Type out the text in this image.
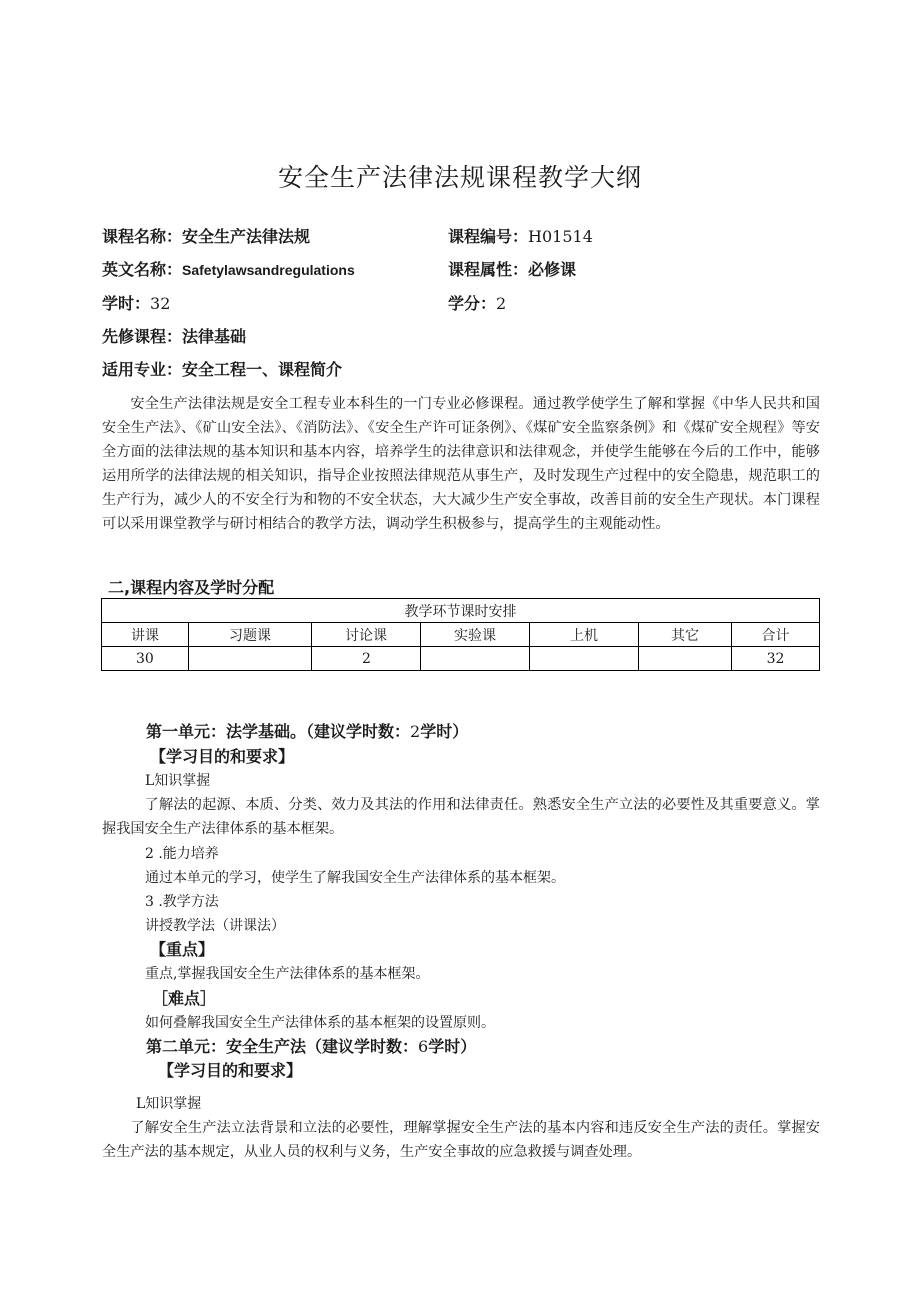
安全生产法律法规课程教学大纲
课程名称：安全生产法律法规	课程编号：H01514
英文名称：Safetylawsandregulations	课程属性：必修课
学时：32	学分：2
先修课程：法律基础
适用专业：安全工程一、课程简介
安全生产法律法规是安全工程专业本科生的一门专业必修课程。通过教学使学生了解和掌握《中华人民共和国安全生产法》、《矿山安全法》、《消防法》、《安全生产许可证条例》、《煤矿安全监察条例》和《煤矿安全规程》等安全方面的法律法规的基本知识和基本内容，培养学生的法律意识和法律观念，并使学生能够在今后的工作中，能够运用所学的法律法规的相关知识，指导企业按照法律规范从事生产，及时发现生产过程中的安全隐患，规范职工的生产行为，减少人的不安全行为和物的不安全状态，大大减少生产安全事故，改善目前的安全生产现状。本门课程可以采用课堂教学与研讨相结合的教学方法，调动学生积极参与，提高学生的主观能动性。
二,课程内容及学时分配
教学环节课时安排						
讲课	习题课	讨论课	实验课	上机	其它	合计
30		2				32
第一单元：法学基础。（建议学时数：2学时）
【学习目的和要求】
L知识掌握
了解法的起源、本质、分类、效力及其法的作用和法律责任。熟悉安全生产立法的必要性及其重要意义。掌握我国安全生产法律体系的基本框架。
2 .能力培养
通过本单元的学习，使学生了解我国安全生产法律体系的基本框架。
3 .教学方法
讲授教学法（讲课法）
【重点】
重点,掌握我国安全生产法律体系的基本框架。
［难点］
如何叠解我国安全生产法律体系的基本框架的设置原则。
第二单元：安全生产法（建议学时数：6学时）
【学习目的和要求】
L知识掌握
了解安全生产法立法背景和立法的必要性，理解掌握安全生产法的基本内容和违反安全生产法的责任。掌握安全生产法的基本规定，从业人员的权利与义务，生产安全事故的应急救援与调查处理。
